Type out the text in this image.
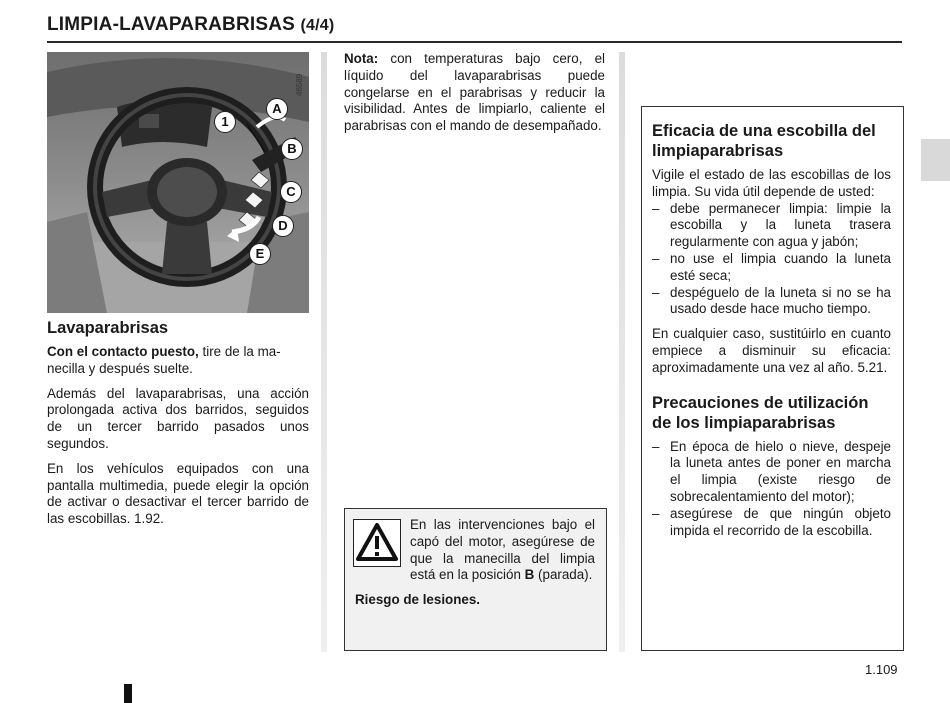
LIMPIA-LAVAPARABRISAS (4/4)
1
A
B
C
D
E
46589
Lavaparabrisas

Con el contacto puesto, tire de la ma-
necilla y después suelte.

Además del lavaparabrisas, una acción prolongada activa dos barridos, seguidos de un tercer barrido pasados unos segundos.

En los vehículos equipados con una pantalla multimedia, puede elegir la opción de activar o desactivar el tercer barrido de las escobillas. 1.92.

Nota: con temperaturas bajo cero, el líquido del lavaparabrisas puede congelarse en el parabrisas y reducir la visibilidad. Antes de limpiarlo, caliente el parabrisas con el mando de desempañado.

En las intervenciones bajo el capó del motor, asegúrese de que la manecilla del limpia está en la posición B (parada).

Riesgo de lesiones.

Eficacia de una escobilla del limpiaparabrisas

Vigile el estado de las escobillas de los limpia. Su vida útil depende de usted:

– debe permanecer limpia: limpie la escobilla y la luneta trasera regularmente con agua y jabón;
– no use el limpia cuando la luneta esté seca;
– despéguelo de la luneta si no se ha usado desde hace mucho tiempo.

En cualquier caso, sustitúirlo en cuanto empiece a disminuir su eficacia: aproximadamente una vez al año. 5.21.

Precauciones de utilización de los limpiaparabrisas
– En época de hielo o nieve, despeje la luneta antes de poner en marcha el limpia (existe riesgo de sobrecalentamiento del motor);
– asegúrese de que ningún objeto impida el recorrido de la escobilla.
1.109
